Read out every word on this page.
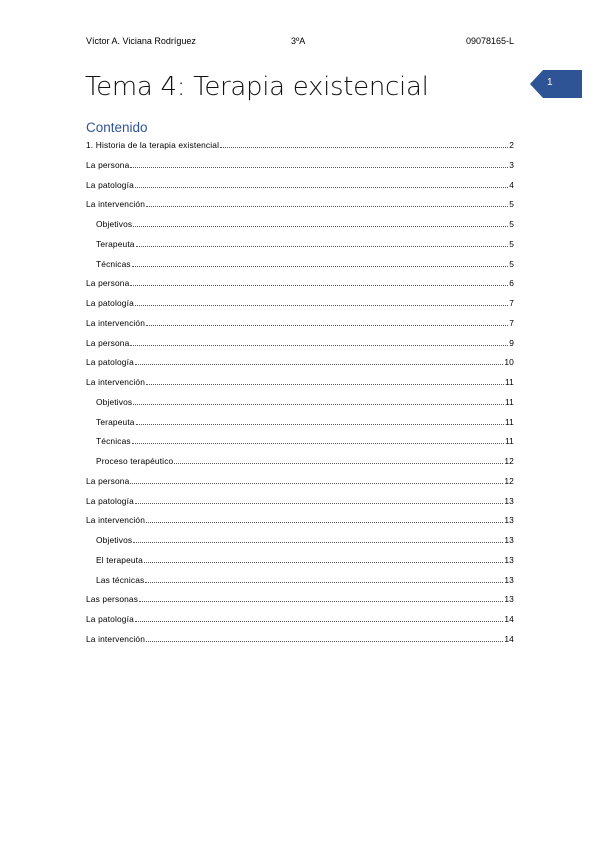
Víctor A. Viciana Rodríguez	3ºA	09078165-L
Tema 4: Terapia existencial	1
Contenido
1. Historia de la terapia existencial	2
La persona	3
La patología	4
La intervención	5
Objetivos	5
Terapeuta	5
Técnicas	5
La persona	6
La patología	7
La intervención	7
La persona	9
La patología	10
La intervención	11
Objetivos	11
Terapeuta	11
Técnicas	11
Proceso terapéutico	12
La persona	12
La patología	13
La intervención	13
Objetivos	13
El terapeuta	13
Las técnicas	13
Las personas	13
La patología	14
La intervención	14
